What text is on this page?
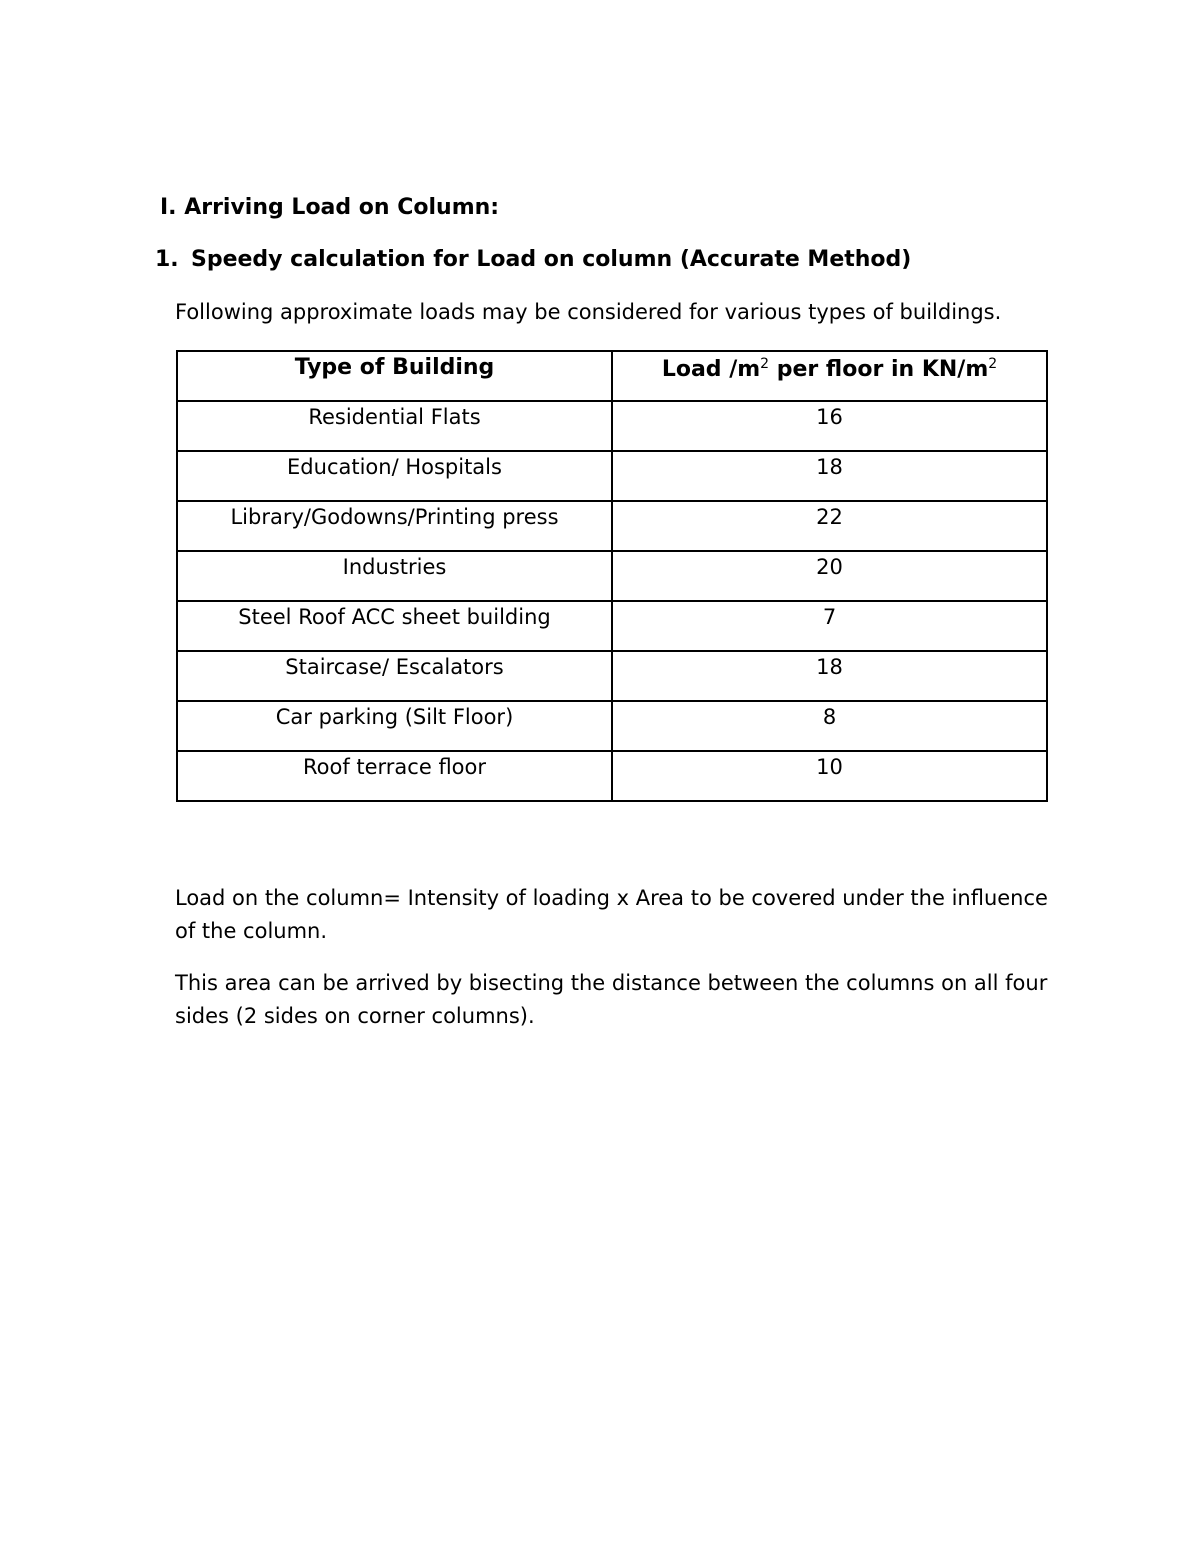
I. Arriving Load on Column:
1. Speedy calculation for Load on column (Accurate Method)
Following approximate loads may be considered for various types of buildings.
Type of Building	Load $/m^2$ per floor in $KN/m^2$
Residential Flats	16
Education/ Hospitals	18
Library/Godowns/Printing press	22
Industries	20
Steel Roof ACC sheet building	7
Staircase/ Escalators	18
Car parking (Silt Floor)	8
Roof terrace floor	10

Load on the column= Intensity of loading x Area to be covered under the influence of the column.

This area can be arrived by bisecting the distance between the columns on all four sides (2 sides on corner columns).
